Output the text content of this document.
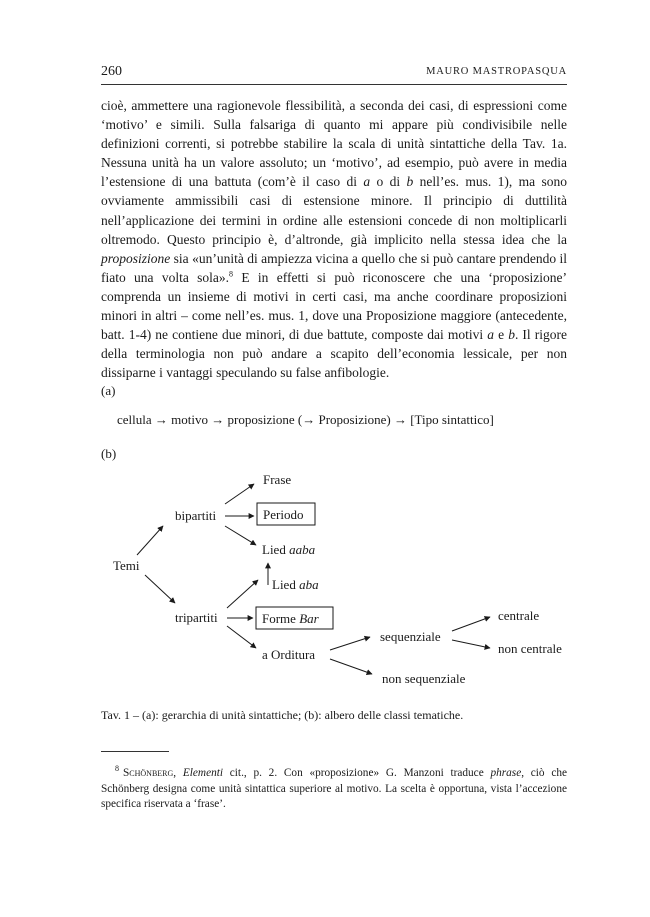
260	MAURO MASTROPASQUA

cioè, ammettere una ragionevole flessibilità, a seconda dei casi, di espressioni come ‘motivo’ e simili. Sulla falsariga di quanto mi appare più condivisibile nelle definizioni correnti, si potrebbe stabilire la scala di unità sintattiche della Tav. 1a. Nessuna unità ha un valore assoluto; un ‘motivo’, ad esempio, può avere in media l’estensione di una battuta (com’è il caso di a o di b nell’es. mus. 1), ma sono ovviamente ammissibili casi di estensione minore. Il principio di duttilità nell’applicazione dei termini in ordine alle estensioni concede di non moltiplicarli oltremodo. Questo principio è, d’altronde, già implicito nella stessa idea che la proposizione sia «un’unità di ampiezza vicina a quello che si può cantare prendendo il fiato una volta sola».$^8$ E in effetti si può riconoscere che una ‘proposizione’ comprenda un insieme di motivi in certi casi, ma anche coordinare proposizioni minori in altri – come nell’es. mus. 1, dove una Proposizione maggiore (antecedente, batt. 1-4) ne contiene due minori, di due battute, composte dai motivi a e b. Il rigore della terminologia non può andare a scapito dell’economia lessicale, per non dissiparne i vantaggi speculando su false anfibologie.

(a)
cellula → motivo → proposizione (→ Proposizione) → [Tipo sintattico]
(b)
Temi
bipartiti
tripartiti
Frase
Periodo
Lied aaba
Lied aba
Forme Bar
a Orditura
sequenziale
non sequenziale
centrale
non centrale
Tav. 1 – (a): gerarchia di unità sintattiche; (b): albero delle classi tematiche.

$^8$ Schönberg, Elementi cit., p. 2. Con «proposizione» G. Manzoni traduce phrase, ciò che Schönberg designa come unità sintattica superiore al motivo. La scelta è opportuna, vista l’accezione specifica riservata a ‘frase’.
